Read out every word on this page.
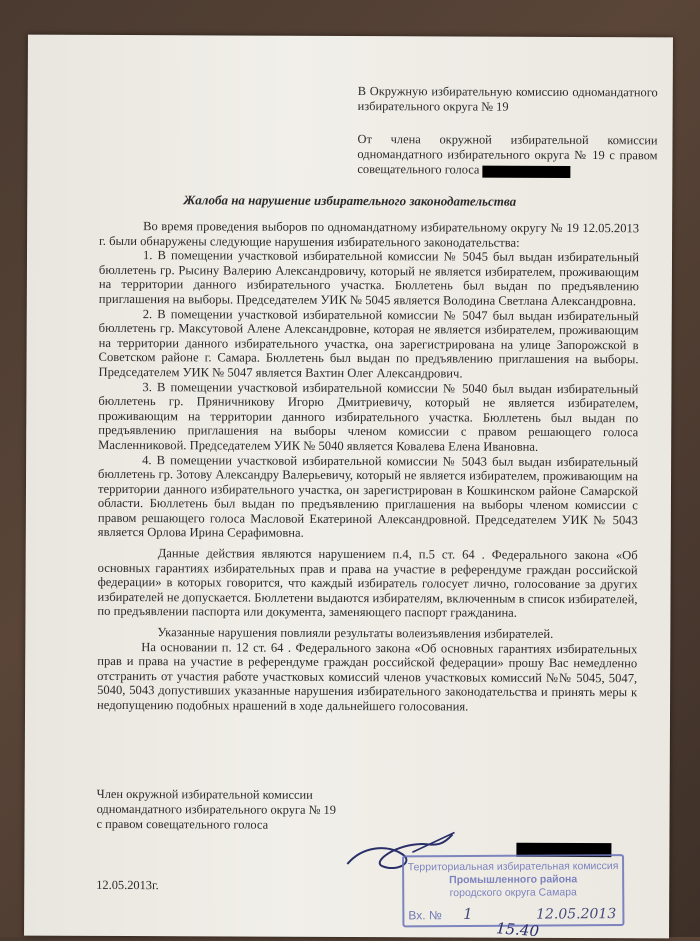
В Окружную избирательную комиссию одномандатного избирательного округа № 19

От члена окружной избирательной комиссии одномандатного избирательного округа № 19 с правом совещательного голоса

Жалоба на нарушение избирательного законодательства

Во время проведения выборов по одномандатному избирательному округу № 19 12.05.2013 г. были обнаружены следующие нарушения избирательного законодательства:

1. В помещении участковой избирательной комиссии № 5045 был выдан избирательный бюллетень гр. Рысину Валерию Александровичу, который не является избирателем, проживающим на территории данного избирательного участка. Бюллетень был выдан по предъявлению приглашения на выборы. Председателем УИК № 5045 является Володина Светлана Александровна.

2. В помещении участковой избирательной комиссии № 5047 был выдан избирательный бюллетень гр. Максутовой Алене Александровне, которая не является избирателем, проживающим на территории данного избирательного участка, она зарегистрирована на улице Запорожской в Советском районе г. Самара. Бюллетень был выдан по предъявлению приглашения на выборы. Председателем УИК № 5047 является Вахтин Олег Александрович.

3. В помещении участковой избирательной комиссии № 5040 был выдан избирательный бюллетень гр. Пряничникову Игорю Дмитриевичу, который не является избирателем, проживающим на территории данного избирательного участка. Бюллетень был выдан по предъявлению приглашения на выборы членом комиссии с правом решающего голоса Масленниковой. Председателем УИК № 5040 является Ковалева Елена Ивановна.

4. В помещении участковой избирательной комиссии № 5043 был выдан избирательный бюллетень гр. Зотову Александру Валерьевичу, который не является избирателем, проживающим на территории данного избирательного участка, он зарегистрирован в Кошкинском районе Самарской области. Бюллетень был выдан по предъявлению приглашения на выборы членом комиссии с правом решающего голоса Масловой Екатериной Александровной. Председателем УИК № 5043 является Орлова Ирина Серафимовна.

Данные действия являются нарушением п.4, п.5 ст. 64 . Федерального закона «Об основных гарантиях избирательных прав и права на участие в референдуме граждан российской федерации» в которых говорится, что каждый избиратель голосует лично, голосование за других избирателей не допускается. Бюллетени выдаются избирателям, включенным в список избирателей, по предъявлении паспорта или документа, заменяющего паспорт гражданина.

Указанные нарушения повлияли результаты волеизъявления избирателей.

На основании п. 12 ст. 64 . Федерального закона «Об основных гарантиях избирательных прав и права на участие в референдуме граждан российской федерации» прошу Вас немедленно отстранить от участия работе участковых комиссий членов участковых комиссий №№ 5045, 5047, 5040, 5043 допустивших указанные нарушения избирательного законодательства и принять меры к недопущению подобных нрашений в ходе дальнейшего голосования.

Член окружной избирательной комиссии
одномандатного избирательного округа № 19
с правом совещательного голоса
12.05.2013г.
Территориальная избирательная комиссия
Промышленного района
городского округа Самара
Вх. № 1	12.05.2013
15.40
